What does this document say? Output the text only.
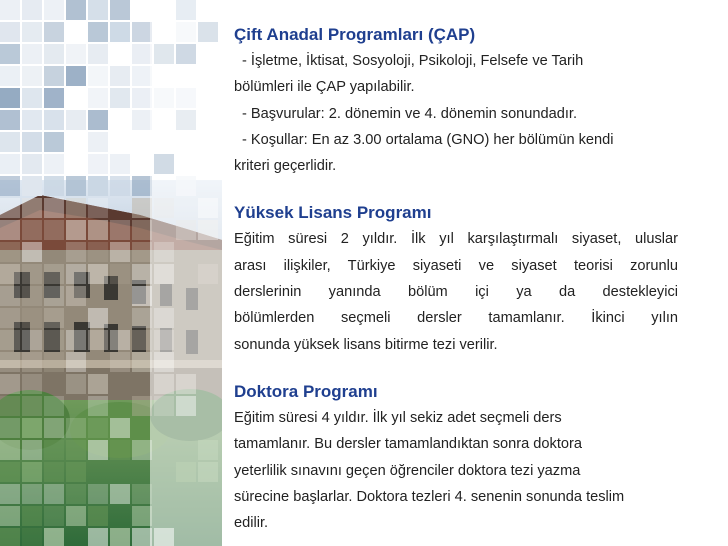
Çift Anadal Programları (ÇAP)

- İşletme, İktisat, Sosyoloji, Psikoloji, Felsefe ve Tarih

bölümleri ile ÇAP yapılabilir.

- Başvurular: 2. dönemin ve 4. dönemin sonundadır.

- Koşullar: En az 3.00 ortalama (GNO) her bölümün kendi

kriteri geçerlidir.

Yüksek Lisans Programı
Eğitim süresi 2 yıldır. İlk yıl karşılaştırmalı siyaset, uluslar
arası ilişkiler, Türkiye siyaseti ve siyaset teorisi zorunlu
derslerinin yanında bölüm içi ya da destekleyici
bölümlerden seçmeli dersler tamamlanır. İkinci yılın
sonunda yüksek lisans bitirme tezi verilir.
Doktora Programı

Eğitim süresi 4 yıldır. İlk yıl sekiz adet seçmeli ders

tamamlanır. Bu dersler tamamlandıktan sonra doktora

yeterlilik sınavını geçen öğrenciler doktora tezi yazma

sürecine başlarlar. Doktora tezleri 4. senenin sonunda teslim

edilir.
